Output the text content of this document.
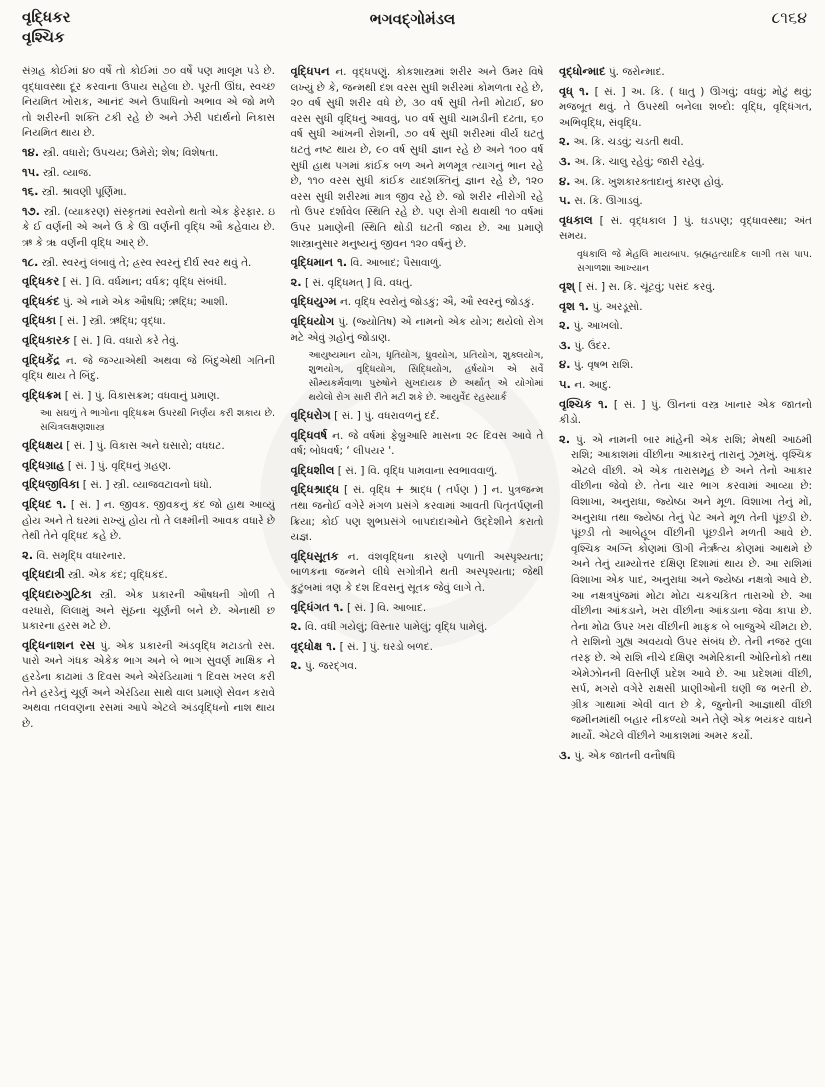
વૃદ્ધિકર
વૃશ્ચિક
ભગવદ્ગોમંડલ	૮૧૬૪

સંગ્રહ કોઈમાં ૪૦ વર્ષે તો કોઈમાં ૭૦ વર્ષે પણ માલૂમ પડે છે. વૃદ્ધાવસ્થા દૂર કરવાના ઉપાય સહેલા છે. પૂરતી ઊંઘ, સ્વચ્છ નિયમિત ખોરાક, આનંદ અને ઉપાધિનો અભાવ એ જો મળે તો શરીરની શક્તિ ટકી રહે છે અને ઝેરી પદાર્થનો નિકાસ નિયમિત થાય છે.

૧૪. સ્ત્રી. વધારો; ઉપચય; ઉમેરો; શેષ; વિશેષતા.

૧૫. સ્ત્રી. વ્યાજ.

૧૬. સ્ત્રી. શ્રાવણી પૂર્ણિમા.

૧૭. સ્ત્રી. (વ્યાકરણ) સંસ્કૃતમાં સ્વરોનો થતો એક ફેરફાર. ઇ કે ઈ વર્ણની એ અને ઉ કે ઊ વર્ણની વૃદ્ધિ ઔ કહેવાય છે. ઋ કે ૠ વર્ણની વૃદ્ધિ આર્ છે.

૧૮. સ્ત્રી. સ્વરનું લંબાવું તે; હ્રસ્વ સ્વરનું દીર્ઘ સ્વર થવું તે.

વૃદ્ધિકર [ સં. ] વિ. વર્ધમાન; વર્ધક; વૃદ્ધિ સંબંધી.

વૃદ્ધિકંદ પું. એ નામે એક ઔષધિ; ઋદ્ધિ; આશી.

વૃદ્ધિકા [ સં. ] સ્ત્રી. ઋદ્ધિ; વૃદ્ધા.

વૃદ્ધિકારક [ સં. ] વિ. વધારો કરે તેવું.

વૃદ્ધિકેંદ્ર ન. જે જગ્યાએથી અથવા જે બિંદુએથી ગતિની વૃદ્ધિ થાય તે બિંદુ.

વૃદ્ધિક્રમ [ સં. ] પું. વિકાસક્રમ; વધવાનું પ્રમાણ.

આ સઘળું તે ભાગોના વૃદ્ધિક્રમ ઉપરથી નિર્ણય કરી શકાય છે. સચિત્રલક્ષણશાસ્ત્ર

વૃદ્ધિક્ષય [ સં. ] પું. વિકાસ અને ઘસારો; વધઘટ.

વૃદ્ધિગ્રાહ [ સં. ] પું. વૃદ્ધિનું ગ્રહણ.

વૃદ્ધિજીવિકા [ સં. ] સ્ત્રી. વ્યાજવટાવનો ધંધો.

વૃદ્ધિદ ૧. [ સં. ] ન. જીવક. જીવકનું કંદ જો હાથ આવ્યું હોય અને તે ઘરમાં રાખ્યું હોય તો તે લક્ષ્મીની આવક વધારે છે તેથી તેને વૃદ્ધિદ કહે છે.

૨. વિ. સમૃદ્ધિ વધારનાર.

વૃદ્ધિદાત્રી સ્ત્રી. એક કંદ; વૃદ્ધિકંદ.

વૃદ્ધિદારુગુટિકા સ્ત્રી. એક પ્રકારની ઔષધની ગોળી તે વરધારો, લિલામું અને સૂંઠના ચૂર્ણની બને છે. એનાથી છ પ્રકારના હરસ મટે છે.

વૃદ્ધિનાશન રસ પું. એક પ્રકારની અંડવૃદ્ધિ મટાડતો રસ. પારો અને ગંધક એકેક ભાગ અને બે ભાગ સુવર્ણ માક્ષિક ને હરડેના કાઢામાં ૩ દિવસ અને એરંડિયામાં ૧ દિવસ ખરલ કરી તેને હરડેનું ચૂર્ણ અને એરંડિયા સાથે વાલ પ્રમાણે સેવન કરાવે અથવા તલવણના રસમાં આપે એટલે અંડવૃદ્ધિનો નાશ થાય છે.

વૃદ્ધિપન ન. વૃદ્ધપણું. કોકશાસ્ત્રમાં શરીર અને ઉમર વિષે લખ્યું છે કે, જન્મથી દશ વરસ સુધી શરીરમાં કોમળતા રહે છે, ૨૦ વર્ષ સુધી શરીર વધે છે, ૩૦ વર્ષ સુધી તેની મોટાઈ, ૪૦ વરસ સુધી વૃદ્ધિનું આવવું, ૫૦ વર્ષ સુધી ચામડીની દઢતા, ૬૦ વર્ષ સુધી આંખની રોશની, ૭૦ વર્ષ સુધી શરીરમાં વીર્ય ઘટતું ઘટતું નષ્ટ થાય છે, ૯૦ વર્ષ સુધી જ્ઞાન રહે છે અને ૧૦૦ વર્ષ સુધી હાથ પગમાં કાંઈક બળ અને મળમૂત્ર ત્યાગનું ભાન રહે છે, ૧૧૦ વરસ સુધી કાંઈક યાદશક્તિનું જ્ઞાન રહે છે, ૧૨૦ વરસ સુધી શરીરમાં માત્ર જીવ રહે છે. જો શરીર નીરોગી રહે તો ઉપર દર્શાવેલ સ્થિતિ રહે છે. પણ રોગી થવાથી ૧૦ વર્ષમાં ઉપર પ્રમાણેની સ્થિતિ થોડી ઘટતી જાય છે. આ પ્રમાણે શાસ્ત્રાનુસાર મનુષ્યનું જીવન ૧૨૦ વર્ષનું છે.

વૃદ્ધિમાન ૧. વિ. આબાદ; પૈસાવાળું.

૨. [ સં. વૃદ્ધિમત્ ] વિ. વધતું.

વૃદ્ધિયુગ્મ ન. વૃદ્ધિ સ્વરોનું જોડકું; ઐ, ઔ સ્વરનું જોડકું.

વૃદ્ધિયોગ પું. (જ્યોતિષ) એ નામનો એક યોગ; થયેલો રોગ મટે એવું ગ્રહોનું જોડાણ.

આયુષ્યમાન યોગ, ધૃતિયોગ, ધ્રુવયોગ, પ્રતિયોગ, શુક્લયોગ, શુભયોગ, વૃદ્ધિયોગ, સિદ્ધિયોગ, હર્ષયોગ એ સર્વે સૌમ્યકર્મવાળા પુરુષોને સુખદાયક છે અર્થાત્ એ યોગોમાં થયેલો રોગ સારી રીતે મટી શકે છે. આયુર્વેદ રહસ્યાર્ક

વૃદ્ધિરોગ [ સં. ] પું. વધરાવળનું દર્દ.

વૃદ્ધિવર્ષ ન. જે વર્ષમાં ફેબ્રુઆરિ માસના ૨૯ દિવસ આવે તે વર્ષ; બોધવર્ષ; ‘ લીપયર '.

વૃદ્ધિશીલ [ સં. ] વિ. વૃદ્ધિ પામવાના સ્વભાવવાળું.

વૃદ્ધિશ્રાદ્ધ [ સં. વૃદ્ધિ + શ્રાદ્ધ ( તર્પણ ) ] ન. પુત્રજન્મ તથા જનોઈ વગેરે મંગળ પ્રસંગે કરવામાં આવતી પિતૃતર્પણની ક્રિયા; કોઈ પણ શુભપ્રસંગે બાપદાદાઓને ઉદ્દેશીને કરાતો યજ્ઞ.

વૃદ્ધિસૂતક ન. વંશવૃદ્ધિના કારણે પળાતી અસ્પૃશ્યતા; બાળકના જન્મને લીધે સગોત્રીને થતી અસ્પૃશ્યતા; જેથી કુટુંબમાં ત્રણ કે દશ દિવસનું સૂતક જેવું લાગે તે.

વૃદ્ધિંગત ૧. [ સં. ] વિ. આબાદ.

૨. વિ. વધી ગયેલું; વિસ્તાર પામેલું; વૃદ્ધિ પામેલું.

વૃદ્ધોક્ષ ૧. [ સં. ] પું. ઘરડો બળદ.

૨. પું. જરદ્ગવ.

વૃદ્ધોન્માદ પું. જરોન્માદ.

વૃધ્ ૧. [ સં. ] અ. કિ. ( ધાતુ ) ઊગવું; વધવું; મોટું થવું; મજબૂત થવું. તે ઉપરથી બનેલા શબ્દો: વૃદ્ધિ, વૃદ્ધિંગત, અભિવૃદ્ધિ, સંવૃદ્ધિ.

૨. અ. કિ. ચડવું; ચડતી થવી.

૩. અ. કિ. ચાલુ રહેવું; જારી રહેવું.

૪. અ. કિ. ખુશકારક્તાદાનું કારણ હોવું.

૫. સ. કિ. ઊગાડવું.

વૃધકાલ [ સં. વૃદ્ધકાલ ] પું. ઘડપણ; વૃદ્ધાવસ્થા; અંત સમય.

વૃધકાલિ જે મેહલિ માયબાપ. બ્રહ્મહત્યાદિક લાગી તસ પાપ. સગાળશા આખ્યાન

વૃશ્ [ સં. ] સ. કિ. ચૂંટવું; પસંદ કરવું.

વૃશ ૧. પું. અરડૂસો.

૨. પું. આખલો.

૩. પું. ઉંદર.

૪. પું. વૃષભ રાશિ.

૫. ન. આદુ.

વૃશ્ચિક ૧. [ સં. ] પું. ઊનનાં વસ્ત્ર ખાનાર એક જાતનો કીડો.

૨. પું. એ નામની બાર માંહેની એક રાશિ; મેષથી આઠમી રાશિ; આકાશમાં વીંછીના આકારનું તારાનું ઝૂમખું. વૃશ્ચિક એટલે વીંછી. એ એક તારાસમૂહ છે અને તેનો આકાર વીંછીના જેવો છે. તેના ચાર ભાગ કરવામાં આવ્યા છે: વિશાખા, અનુરાધા, જ્યેષ્ઠા અને મૂળ. વિશાખા તેનું મોં, અનુરાધા તથા જ્યેષ્ઠા તેનું પેટ અને મૂળ તેની પૂંછડી છે. પૂંછડી તો આબેહૂબ વીંછીની પૂંછડીને મળતી આવે છે. વૃશ્ચિક અગ્નિ કોણમાં ઊગી નૈર્ઋત્ય કોણમાં આથમે છે અને તેનું યામ્યોત્તર દક્ષિણ દિશામાં થાય છે. આ રાશિમાં વિશાખા એક પાદ, અનુરાધા અને જ્યેષ્ઠા નક્ષત્રો આવે છે. આ નક્ષત્રપુંજમાં મોટા મોટા ચકચકિત તારાઓ છે. આ વીંછીના આંકડાને, ખરા વીંછીના આંકડાના જેવા કાપા છે. તેના મોઢા ઉપર ખરા વીંછીની માફક બે બાજુએ ચીમટા છે. તે રાશિનો ગુહ્ય અવયવો ઉપર સંબંધ છે. તેની નજર તુલા તરફ છે. એ રાશિ નીચે દક્ષિણ અમેરિકાની ઓરિનોકો તથા એમેઝોનની વિસ્તીર્ણ પ્રદેશ આવે છે. આ પ્રદેશમાં વીંછી, સર્પ, મગરો વગેરે રાક્ષસી પ્રાણીઓની ઘણી જ ભરતી છે. ગ્રીક ગાથામાં એવી વાત છે કે, જુનોની આજ્ઞાથી વીંછી જમીનમાંથી બહાર નીકળ્યો અને તેણે એક ભયંકર વાઘને માર્યો. એટલે વીંછીને આકાશમાં અમર કર્યો.

૩. પું. એક જાતની વનૌષધિ
